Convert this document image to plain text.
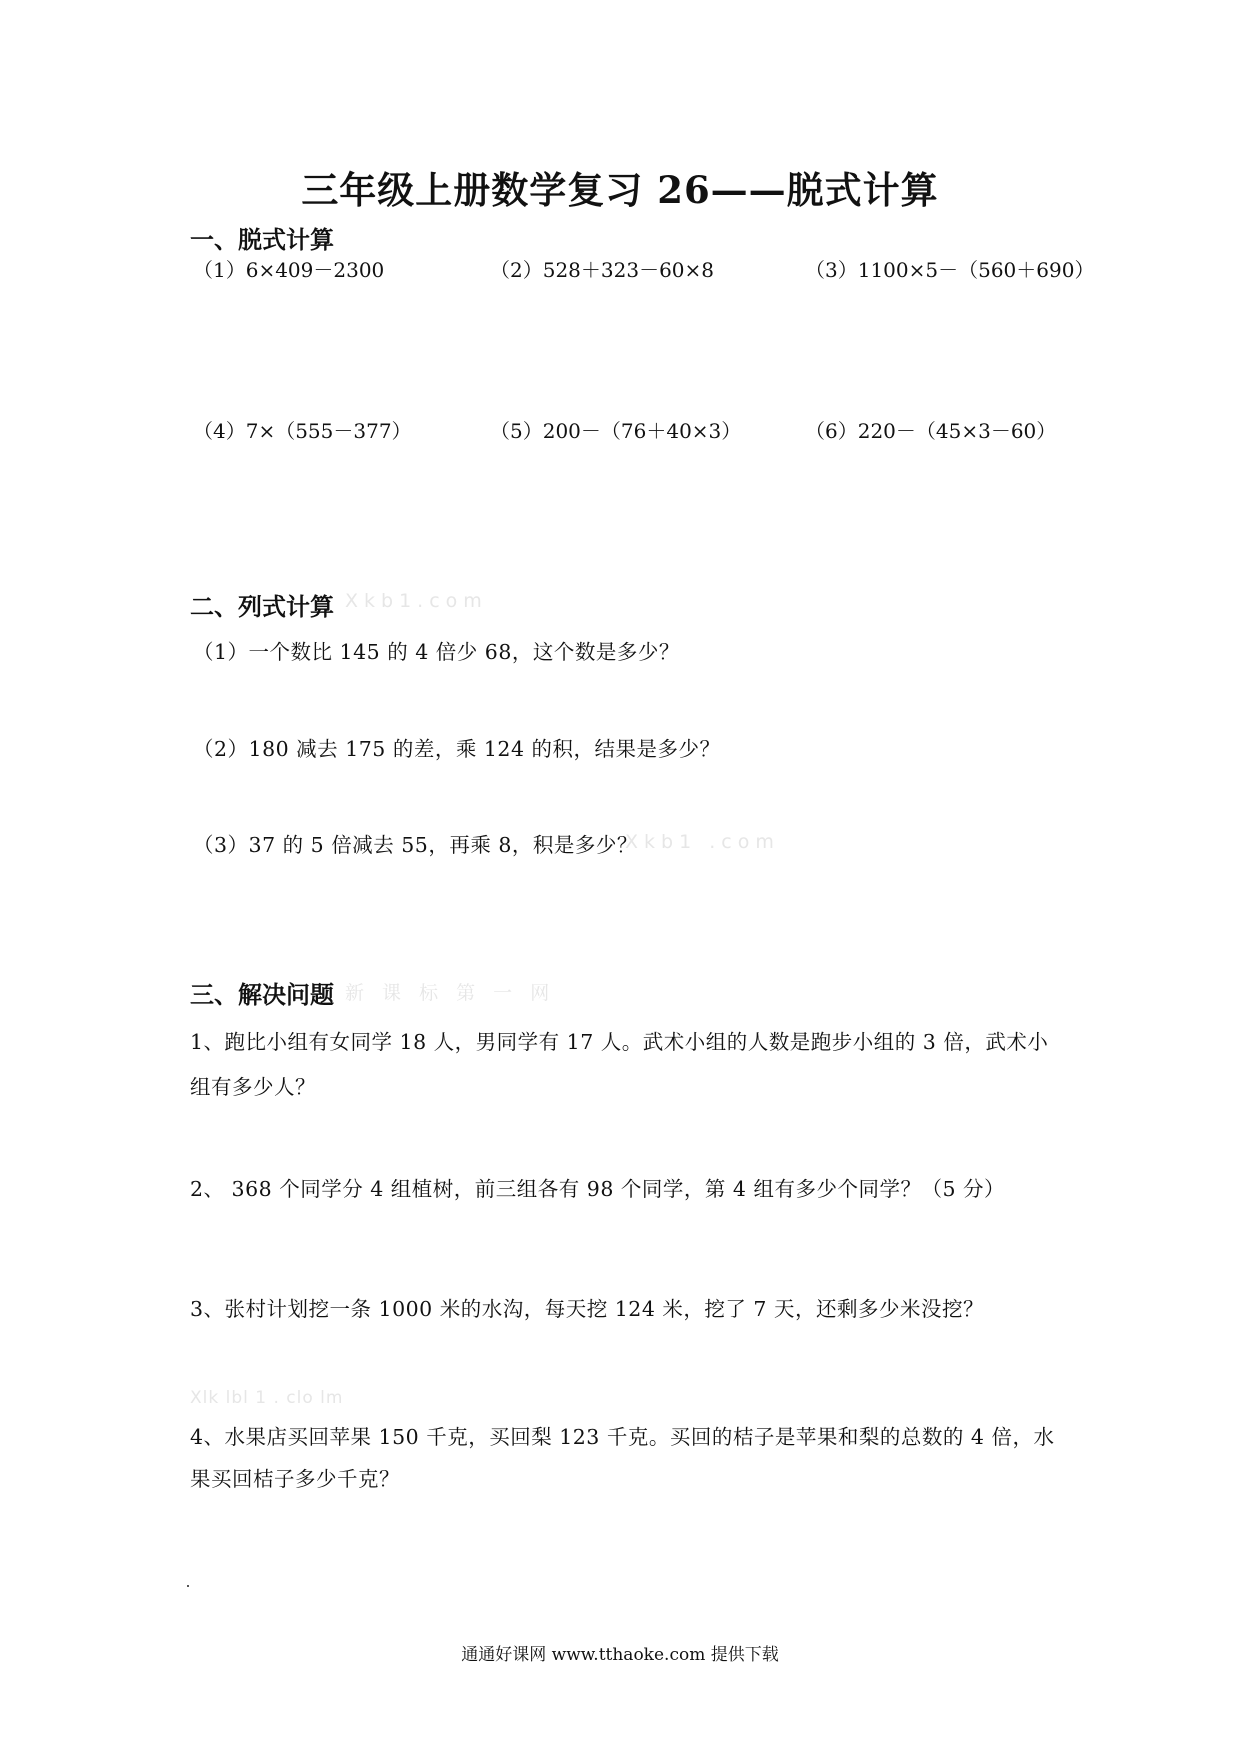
三年级上册数学复习 26——脱式计算
一、脱式计算
（1）6×409－2300	（2）528＋323－60×8	（3）1100×5－（560＋690）
（4）7×（555－377）	（5）200－（76＋40×3）	（6）220－（45×3－60）
二、列式计算 Xkb1.com
（1）一个数比 145 的 4 倍少 68，这个数是多少？
（2）180 减去 175 的差，乘 124 的积，结果是多少？
（3）37 的 5 倍减去 55，再乘 8，积是多少？
Xkb1 .com
三、解决问题 新 课 标 第 一 网
1、跑比小组有女同学 18 人，男同学有 17 人。武术小组的人数是跑步小组的 3 倍，武术小
组有多少人？
2、 368 个同学分 4 组植树，前三组各有 98 个同学，第 4 组有多少个同学？（5 分）
3、张村计划挖一条 1000 米的水沟，每天挖 124 米，挖了 7 天，还剩多少米没挖？
Xlk lbl 1 . clo lm
4、水果店买回苹果 150 千克，买回梨 123 千克。买回的桔子是苹果和梨的总数的 4 倍，水
果买回桔子多少千克？
通通好课网 www.tthaoke.com 提供下载
